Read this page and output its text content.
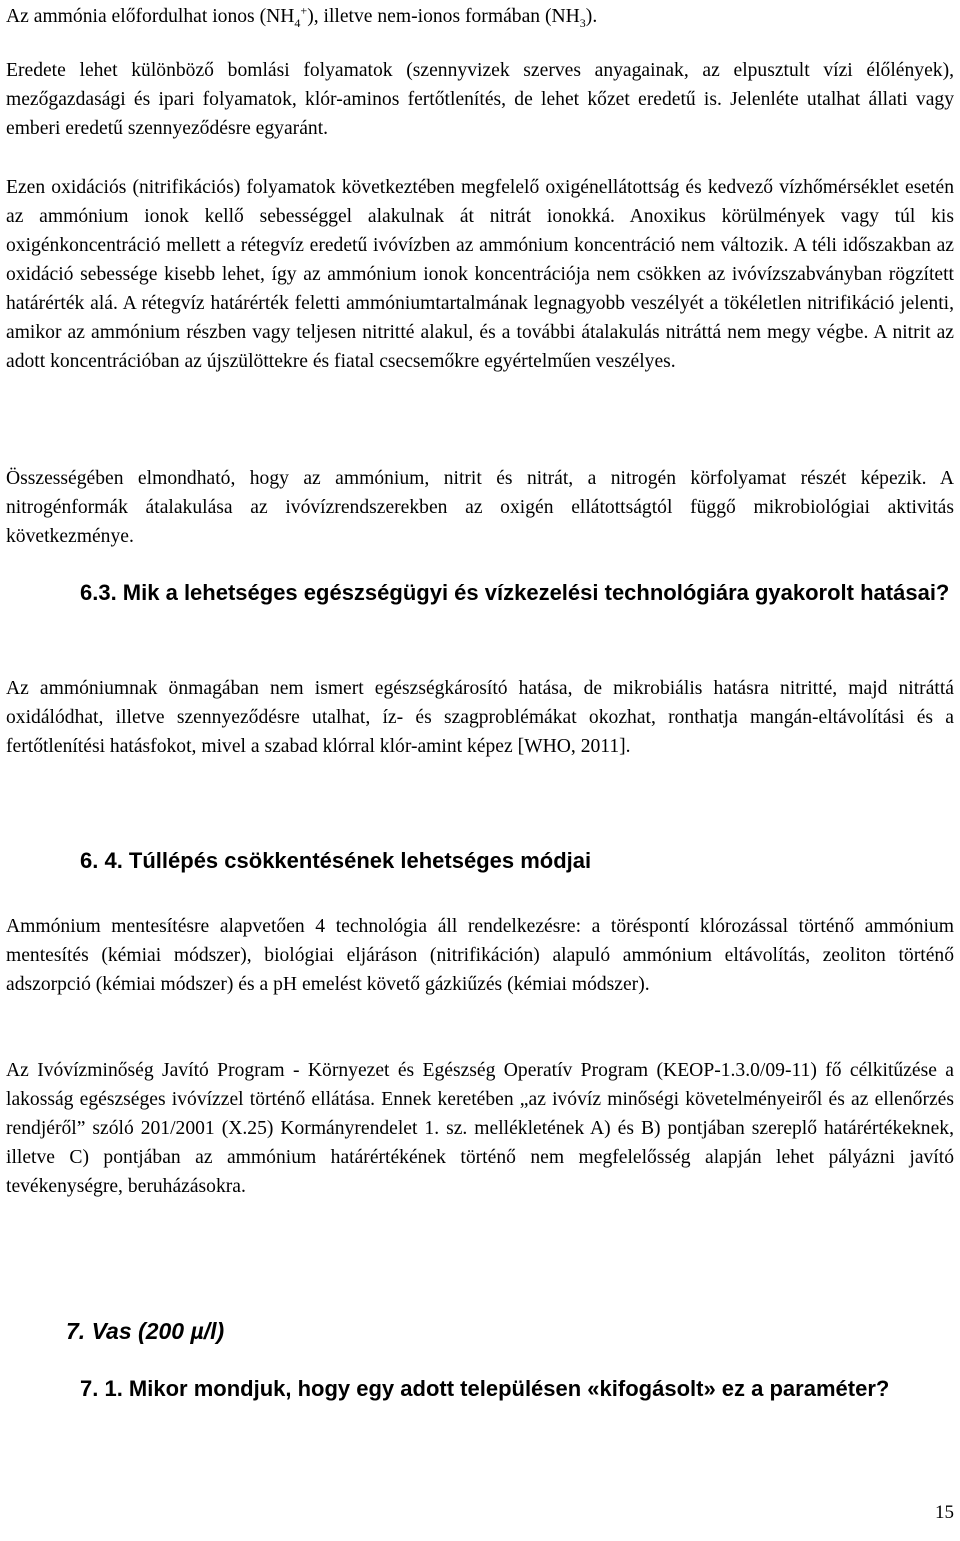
Az ammónia előfordulhat ionos $(NH_4^+)$, illetve nem-ionos formában $(NH_3)$.

Eredete lehet különböző bomlási folyamatok (szennyvizek szerves anyagainak, az elpusztult vízi élőlények), mezőgazdasági és ipari folyamatok, klór-aminos fertőtlenítés, de lehet kőzet eredetű is. Jelenléte utalhat állati vagy emberi eredetű szennyeződésre egyaránt.

Ezen oxidációs (nitrifikációs) folyamatok következtében megfelelő oxigénellátottság és kedvező vízhőmérséklet esetén az ammónium ionok kellő sebességgel alakulnak át nitrát ionokká. Anoxikus körülmények vagy túl kis oxigénkoncentráció mellett a rétegvíz eredetű ivóvízben az ammónium koncentráció nem változik. A téli időszakban az oxidáció sebessége kisebb lehet, így az ammónium ionok koncentrációja nem csökken az ivóvízszabványban rögzített határérték alá. A rétegvíz határérték feletti ammóniumtartalmának legnagyobb veszélyét a tökéletlen nitrifikáció jelenti, amikor az ammónium részben vagy teljesen nitritté alakul, és a további átalakulás nitráttá nem megy végbe. A nitrit az adott koncentrációban az újszülöttekre és fiatal csecsemőkre egyértelműen veszélyes.

Összességében elmondható, hogy az ammónium, nitrit és nitrát, a nitrogén körfolyamat részét képezik. A nitrogénformák átalakulása az ivóvízrendszerekben az oxigén ellátottságtól függő mikrobiológiai aktivitás következménye.

6.3. Mik a lehetséges egészségügyi és vízkezelési technológiára gyakorolt hatásai?

Az ammóniumnak önmagában nem ismert egészségkárosító hatása, de mikrobiális hatásra nitritté, majd nitráttá oxidálódhat, illetve szennyeződésre utalhat, íz- és szagproblémákat okozhat, ronthatja mangán-eltávolítási és a fertőtlenítési hatásfokot, mivel a szabad klórral klór-amint képez [WHO, 2011].

6. 4. Túllépés csökkentésének lehetséges módjai

Ammónium mentesítésre alapvetően 4 technológia áll rendelkezésre: a töréspontí klórozással történő ammónium mentesítés (kémiai módszer), biológiai eljáráson (nitrifikáción) alapuló ammónium eltávolítás, zeoliton történő adszorpció (kémiai módszer) és a pH emelést követő gázkiűzés (kémiai módszer).

Az Ivóvízminőség Javító Program - Környezet és Egészség Operatív Program (KEOP-1.3.0/09-11) fő célkitűzése a lakosság egészséges ivóvízzel történő ellátása. Ennek keretében „az ivóvíz minőségi követelményeiről és az ellenőrzés rendjéről” szóló 201/2001 (X.25) Kormányrendelet 1. sz. mellékletének A) és B) pontjában szereplő határértékeknek, illetve C) pontjában az ammónium határértékének történő nem megfelelősség alapján lehet pályázni javító tevékenységre, beruházásokra.

7. Vas (200 µ/l)
7. 1. Mikor mondjuk, hogy egy adott településen «kifogásolt» ez a paraméter?
15
